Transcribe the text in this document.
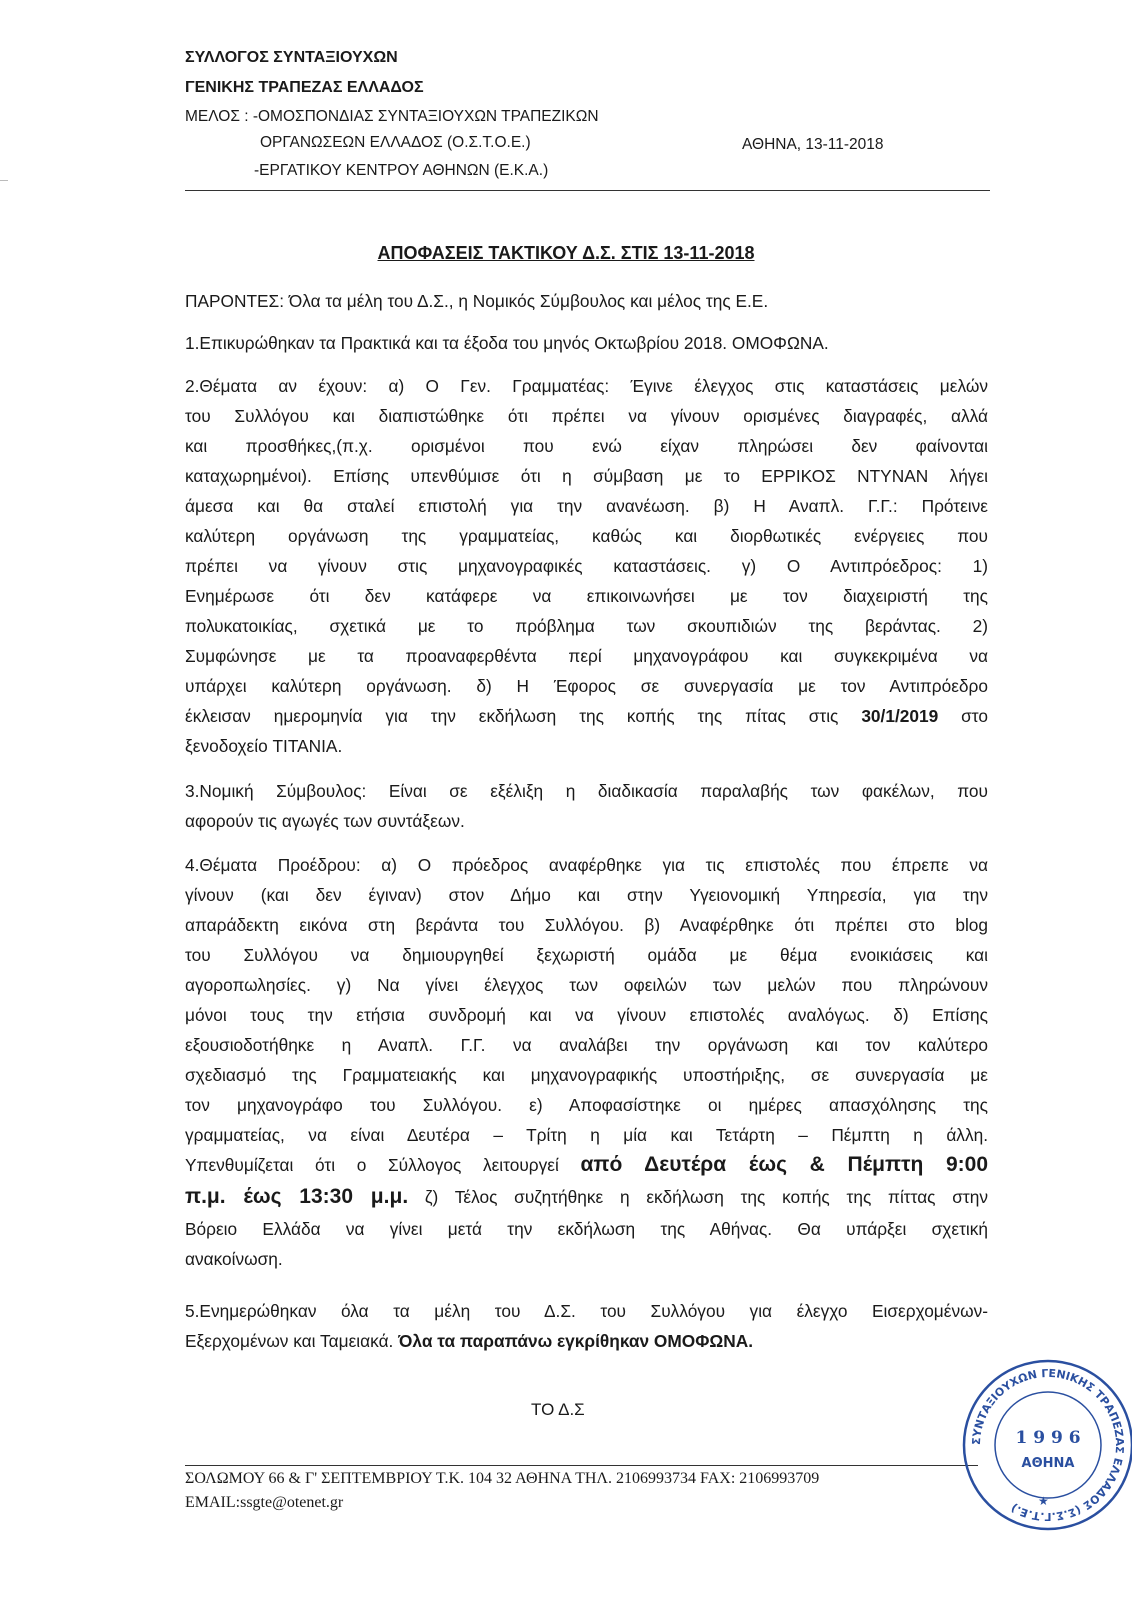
ΣΥΛΛΟΓΟΣ ΣΥΝΤΑΞΙΟΥΧΩΝ
ΓΕΝΙΚΗΣ ΤΡΑΠΕΖΑΣ ΕΛΛΑΔΟΣ
ΜΕΛΟΣ : -ΟΜΟΣΠΟΝΔΙΑΣ ΣΥΝΤΑΞΙΟΥΧΩΝ ΤΡΑΠΕΖΙΚΩΝ
ΟΡΓΑΝΩΣΕΩΝ ΕΛΛΑΔΟΣ (Ο.Σ.Τ.Ο.Ε.)
-ΕΡΓΑΤΙΚΟΥ ΚΕΝΤΡΟΥ ΑΘΗΝΩΝ (Ε.Κ.Α.)
ΑΘΗΝΑ, 13-11-2018
ΑΠΟΦΑΣΕΙΣ ΤΑΚΤΙΚΟΥ Δ.Σ. ΣΤΙΣ 13-11-2018
ΠΑΡΟΝΤΕΣ: Όλα τα μέλη του Δ.Σ., η Νομικός Σύμβουλος και μέλος της Ε.Ε.
1.Επικυρώθηκαν τα Πρακτικά και τα έξοδα του μηνός Οκτωβρίου 2018. ΟΜΟΦΩΝΑ.
2.Θέματα αν έχουν: α) Ο Γεν. Γραμματέας: Έγινε έλεγχος στις καταστάσεις μελών
του Συλλόγου και διαπιστώθηκε ότι πρέπει να γίνουν ορισμένες διαγραφές, αλλά
και προσθήκες,(π.χ. ορισμένοι που ενώ είχαν πληρώσει δεν φαίνονται
καταχωρημένοι). Επίσης υπενθύμισε ότι η σύμβαση με το ΕΡΡΙΚΟΣ ΝΤΥΝΑΝ λήγει
άμεσα και θα σταλεί επιστολή για την ανανέωση. β) Η Αναπλ. Γ.Γ.: Πρότεινε
καλύτερη οργάνωση της γραμματείας, καθώς και διορθωτικές ενέργειες που
πρέπει να γίνουν στις μηχανογραφικές καταστάσεις. γ) Ο Αντιπρόεδρος: 1)
Ενημέρωσε ότι δεν κατάφερε να επικοινωνήσει με τον διαχειριστή της
πολυκατοικίας, σχετικά με το πρόβλημα των σκουπιδιών της βεράντας. 2)
Συμφώνησε με τα προαναφερθέντα περί μηχανογράφου και συγκεκριμένα να
υπάρχει καλύτερη οργάνωση. δ) Η Έφορος σε συνεργασία με τον Αντιπρόεδρο
έκλεισαν ημερομηνία για την εκδήλωση της κοπής της πίτας στις 30/1/2019 στο
ξενοδοχείο TITANIA.
3.Νομική Σύμβουλος: Είναι σε εξέλιξη η διαδικασία παραλαβής των φακέλων, που
αφορούν τις αγωγές των συντάξεων.
4.Θέματα Προέδρου: α) Ο πρόεδρος αναφέρθηκε για τις επιστολές που έπρεπε να
γίνουν (και δεν έγιναν) στον Δήμο και στην Υγειονομική Υπηρεσία, για την
απαράδεκτη εικόνα στη βεράντα του Συλλόγου. β) Αναφέρθηκε ότι πρέπει στο blog
του Συλλόγου να δημιουργηθεί ξεχωριστή ομάδα με θέμα ενοικιάσεις και
αγοροπωλησίες. γ) Να γίνει έλεγχος των οφειλών των μελών που πληρώνουν
μόνοι τους την ετήσια συνδρομή και να γίνουν επιστολές αναλόγως. δ) Επίσης
εξουσιοδοτήθηκε η Αναπλ. Γ.Γ. να αναλάβει την οργάνωση και τον καλύτερο
σχεδιασμό της Γραμματειακής και μηχανογραφικής υποστήριξης, σε συνεργασία με
τον μηχανογράφο του Συλλόγου. ε) Αποφασίστηκε οι ημέρες απασχόλησης της
γραμματείας, να είναι Δευτέρα – Τρίτη η μία και Τετάρτη – Πέμπτη η άλλη.
Υπενθυμίζεται ότι ο Σύλλογος λειτουργεί από Δευτέρα έως & Πέμπτη 9:00
π.μ. έως 13:30 μ.μ. ζ) Τέλος συζητήθηκε η εκδήλωση της κοπής της πίττας στην
Βόρειο Ελλάδα να γίνει μετά την εκδήλωση της Αθήνας. Θα υπάρξει σχετική
ανακοίνωση.
5.Ενημερώθηκαν όλα τα μέλη του Δ.Σ. του Συλλόγου για έλεγχο Εισερχομένων-
Εξερχομένων και Ταμειακά. Όλα τα παραπάνω εγκρίθηκαν ΟΜΟΦΩΝΑ.
ΤΟ Δ.Σ
ΣΟΛΩΜΟΥ 66 & Γ' ΣΕΠΤΕΜΒΡΙΟΥ Τ.Κ. 104 32 ΑΘΗΝΑ ΤΗΛ. 2106993734 FAX: 2106993709
EMAIL:ssgte@otenet.gr
ΣΥΝΤΑΞΙΟΥΧΩΝ ΓΕΝΙΚΗΣ ΤΡΑΠΕΖΑΣ ΕΛΛΑΔΟΣ (Σ.Σ.Γ.Τ.Ε.)
1 9 9 6
ΑΘΗΝΑ
★
